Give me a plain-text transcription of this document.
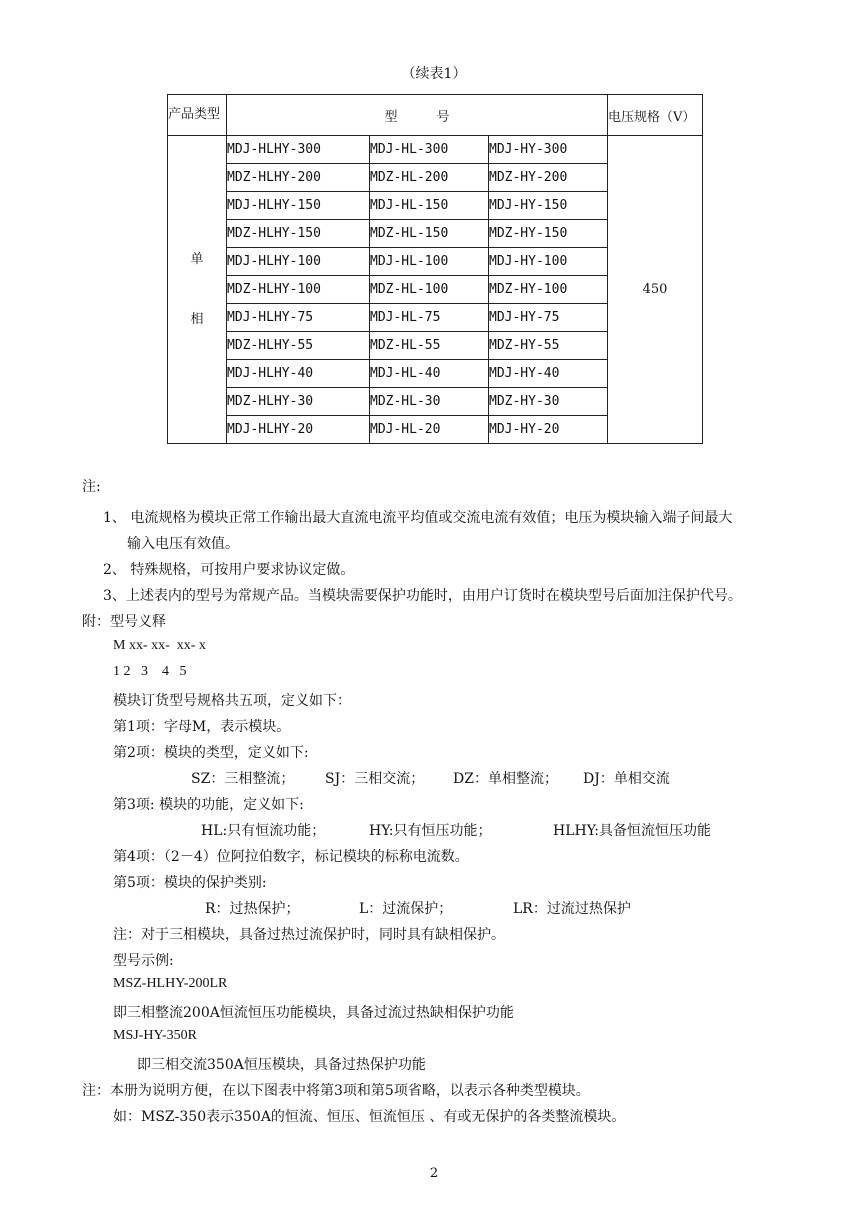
（续表1）
产品类型	型　　　号			电压规格（V）

单
相	MDJ-HLHY-300	MDJ-HL-300	MDJ-HY-300	450
	MDZ-HLHY-200	MDZ-HL-200	MDZ-HY-200	
	MDJ-HLHY-150	MDJ-HL-150	MDJ-HY-150	
	MDZ-HLHY-150	MDZ-HL-150	MDZ-HY-150	
	MDJ-HLHY-100	MDJ-HL-100	MDJ-HY-100	
	MDZ-HLHY-100	MDZ-HL-100	MDZ-HY-100	
	MDJ-HLHY-75	MDJ-HL-75	MDJ-HY-75	
	MDZ-HLHY-55	MDZ-HL-55	MDZ-HY-55	
	MDJ-HLHY-40	MDJ-HL-40	MDJ-HY-40	
	MDZ-HLHY-30	MDZ-HL-30	MDZ-HY-30	
	MDJ-HLHY-20	MDJ-HL-20	MDJ-HY-20	
注:
1、 电流规格为模块正常工作输出最大直流电流平均值或交流电流有效值；电压为模块输入端子间最大
输入电压有效值。
2、 特殊规格，可按用户要求协议定做。
3、上述表内的型号为常规产品。当模块需要保护功能时，由用户订货时在模块型号后面加注保护代号。
附：型号义释
M xx- xx-  xx- x
1 2   3    4   5
模块订货型号规格共五项，定义如下：
第1项：字母M，表示模块。
第2项：模块的类型，定义如下:
SZ：三相整流； SJ：三相交流； DZ：单相整流； DJ：单相交流
第3项: 模块的功能，定义如下:
HL:只有恒流功能；	HY:只有恒压功能；	HLHY:具备恒流恒压功能
第4项：（2－4）位阿拉伯数字，标记模块的标称电流数。
第5项：模块的保护类别:
R：过热保护；	L：过流保护；	LR：过流过热保护
注：对于三相模块，具备过热过流保护时，同时具有缺相保护。
型号示例:
MSZ-HLHY-200LR
即三相整流200A恒流恒压功能模块，具备过流过热缺相保护功能
MSJ-HY-350R
即三相交流350A恒压模块，具备过热保护功能
注：本册为说明方便，在以下图表中将第3项和第5项省略，以表示各种类型模块。
如：MSZ-350表示350A的恒流、恒压、恒流恒压 、有或无保护的各类整流模块。
2
